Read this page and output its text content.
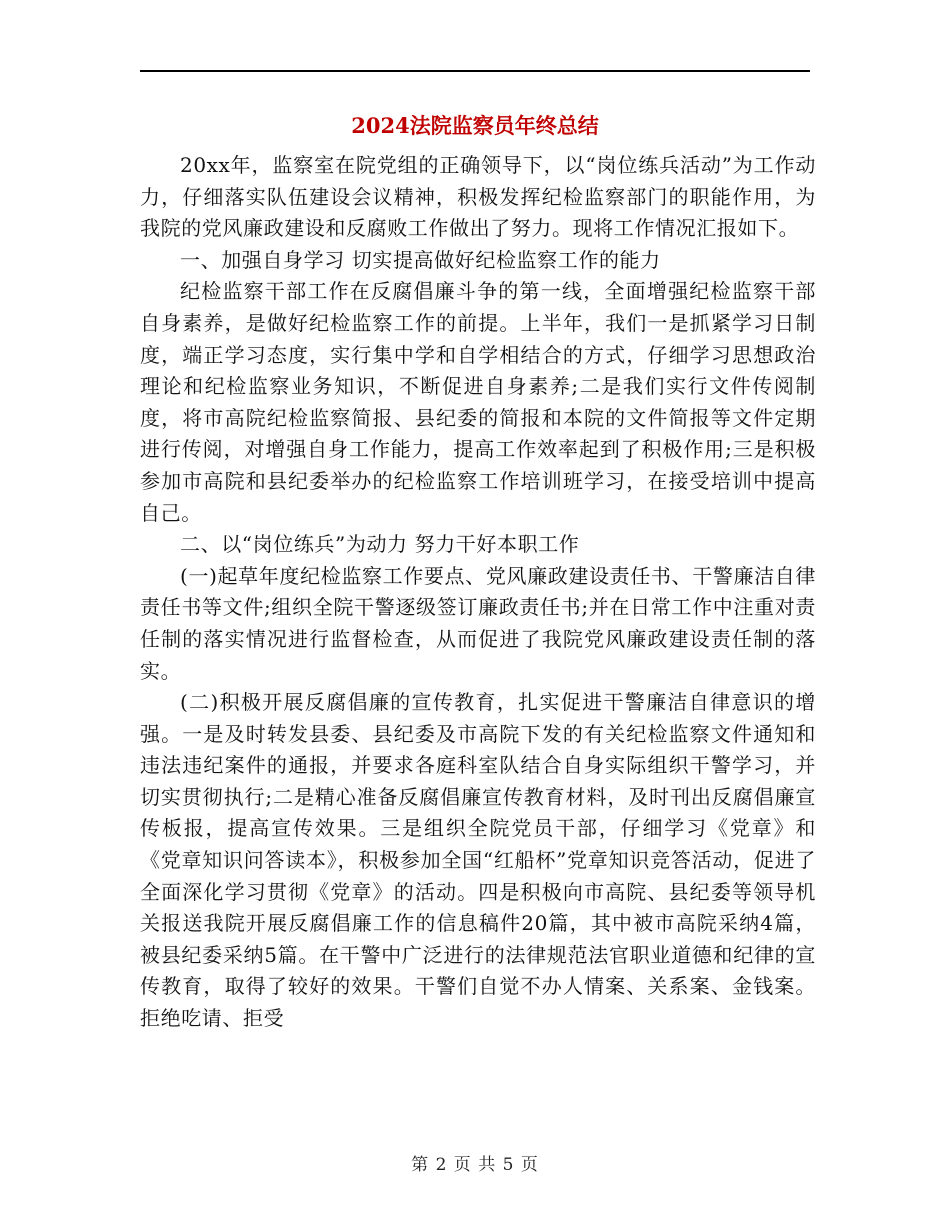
2024法院监察员年终总结

20xx年，监察室在院党组的正确领导下，以“岗位练兵活动”为工作动力，仔细落实队伍建设会议精神，积极发挥纪检监察部门的职能作用，为我院的党风廉政建设和反腐败工作做出了努力。现将工作情况汇报如下。

一、加强自身学习 切实提高做好纪检监察工作的能力

纪检监察干部工作在反腐倡廉斗争的第一线，全面增强纪检监察干部自身素养，是做好纪检监察工作的前提。上半年，我们一是抓紧学习日制度，端正学习态度，实行集中学和自学相结合的方式，仔细学习思想政治理论和纪检监察业务知识，不断促进自身素养;二是我们实行文件传阅制度，将市高院纪检监察简报、县纪委的简报和本院的文件简报等文件定期进行传阅，对增强自身工作能力，提高工作效率起到了积极作用;三是积极参加市高院和县纪委举办的纪检监察工作培训班学习，在接受培训中提高自己。

二、以“岗位练兵”为动力 努力干好本职工作

(一)起草年度纪检监察工作要点、党风廉政建设责任书、干警廉洁自律责任书等文件;组织全院干警逐级签订廉政责任书;并在日常工作中注重对责任制的落实情况进行监督检查，从而促进了我院党风廉政建设责任制的落实。

(二)积极开展反腐倡廉的宣传教育，扎实促进干警廉洁自律意识的增强。一是及时转发县委、县纪委及市高院下发的有关纪检监察文件通知和违法违纪案件的通报，并要求各庭科室队结合自身实际组织干警学习，并切实贯彻执行;二是精心准备反腐倡廉宣传教育材料，及时刊出反腐倡廉宣传板报，提高宣传效果。三是组织全院党员干部，仔细学习《党章》和《党章知识问答读本》，积极参加全国“红船杯”党章知识竞答活动，促进了全面深化学习贯彻《党章》的活动。四是积极向市高院、县纪委等领导机关报送我院开展反腐倡廉工作的信息稿件20篇，其中被市高院采纳4篇，被县纪委采纳5篇。在干警中广泛进行的法律规范法官职业道德和纪律的宣传教育，取得了较好的效果。干警们自觉不办人情案、关系案、金钱案。拒绝吃请、拒受

第 2 页 共 5 页
